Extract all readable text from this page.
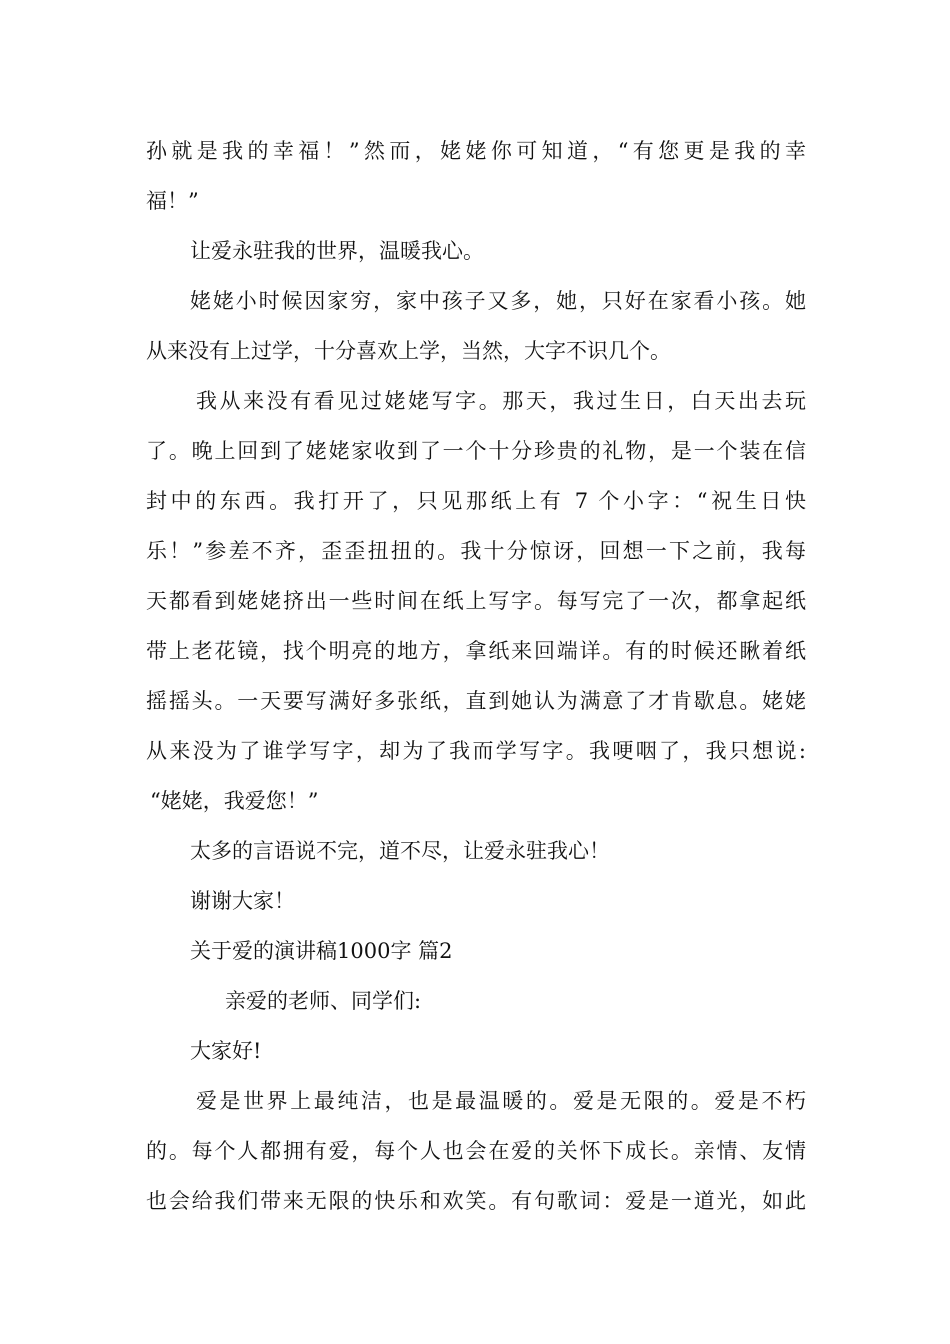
孙就是我的幸福！”然而，姥姥你可知道，“有您更是我的幸
福！”
让爱永驻我的世界，温暖我心。
姥姥小时候因家穷，家中孩子又多，她，只好在家看小孩。她
从来没有上过学，十分喜欢上学，当然，大字不识几个。
我从来没有看见过姥姥写字。那天，我过生日，白天出去玩
了。晚上回到了姥姥家收到了一个十分珍贵的礼物，是一个装在信
封中的东西。我打开了，只见那纸上有 7 个小字：“祝生日快
乐！”参差不齐，歪歪扭扭的。我十分惊讶，回想一下之前，我每
天都看到姥姥挤出一些时间在纸上写字。每写完了一次，都拿起纸
带上老花镜，找个明亮的地方，拿纸来回端详。有的时候还瞅着纸
摇摇头。一天要写满好多张纸，直到她认为满意了才肯歇息。姥姥
从来没为了谁学写字，却为了我而学写字。我哽咽了，我只想说:
“姥姥，我爱您！”
太多的言语说不完，道不尽，让爱永驻我心！
谢谢大家！
关于爱的演讲稿1000字 篇2
亲爱的老师、同学们:
大家好!
爱是世界上最纯洁，也是最温暖的。爱是无限的。爱是不朽
的。每个人都拥有爱，每个人也会在爱的关怀下成长。亲情、友情
也会给我们带来无限的快乐和欢笑。有句歌词：爱是一道光，如此
